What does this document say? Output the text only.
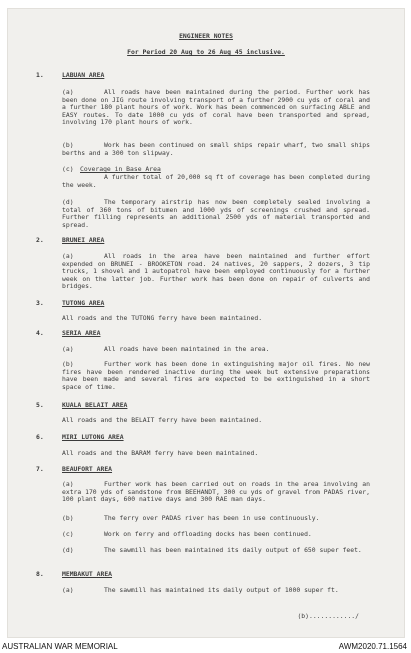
ENGINEER NOTES
For Period 20 Aug to 26 Aug 45 inclusive.
1.	LABUAN AREA
(a)	All roads have been maintained during the period. Further work has been done on JIG route involving transport of a further 2900 cu yds of coral and a further 180 plant hours of work. Work has been commenced on surfacing ABLE and EASY routes. To date 1000 cu yds of coral have been transported and spread, involving 170 plant hours of work.
(b)	Work has been continued on small ships repair wharf, two small ships berths and a 300 ton slipway.
(c) Coverage in Base Area
A further total of 20,000 sq ft of coverage has been completed during the week.
(d)	The temporary airstrip has now been completely sealed involving a total of 360 tons of bitumen and 1000 yds of screenings crushed and spread. Further filling represents an additional 2500 yds of material transported and spread.
2.	BRUNEI AREA
(a)	All roads in the area have been maintained and further effort expended on BRUNEI - BROOKETON road. 24 natives, 20 sappers, 2 dozers, 3 tip trucks, 1 shovel and 1 autopatrol have been employed continuously for a further week on the latter job. Further work has been done on repair of culverts and bridges.
3.	TUTONG AREA
All roads and the TUTONG ferry have been maintained.
4.	SERIA AREA
(a)	All roads have been maintained in the area.
(b)	Further work has been done in extinguishing major oil fires. No new fires have been rendered inactive during the week but extensive preparations have been made and several fires are expected to be extinguished in a short space of time.
5.	KUALA BELAIT AREA
All roads and the BELAIT ferry have been maintained.
6.	MIRI LUTONG AREA
All roads and the BARAM ferry have been maintained.
7.	BEAUFORT AREA
(a)	Further work has been carried out on roads in the area involving an extra 170 yds of sandstone from BEEHANDT, 300 cu yds of gravel from PADAS river, 100 plant days, 600 native days and 300 RAE man days.
(b)	The ferry over PADAS river has been in use continuously.
(c)	Work on ferry and offloading docks has been continued.
(d)	The sawmill has been maintained its daily output of 650 super feet.
8.	MEMBAKUT AREA
(a)	The sawmill has maintained its daily output of 1000 super ft.
(b)............/
AUSTRALIAN WAR MEMORIAL	AWM2020.71.1564
